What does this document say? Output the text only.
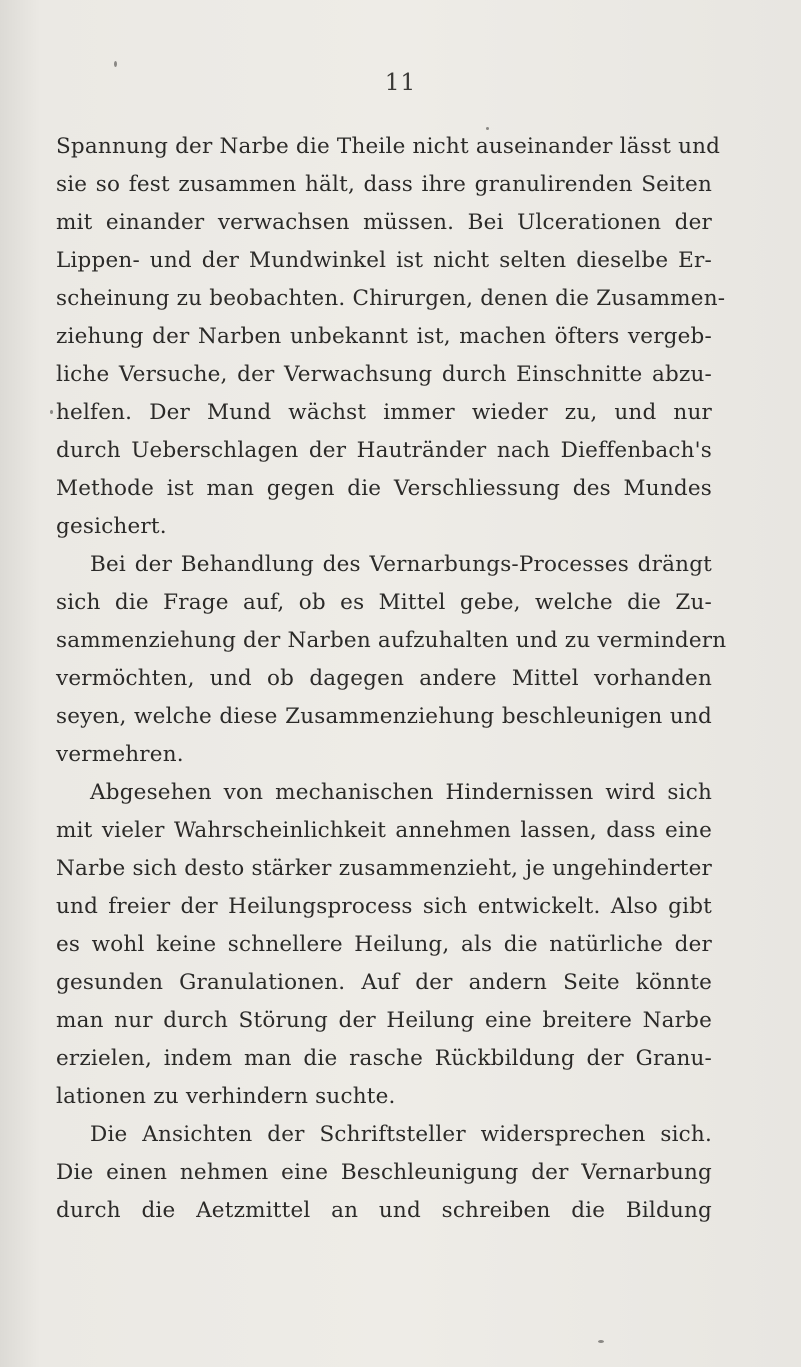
11
Spannung der Narbe die Theile nicht auseinander lässt und
sie so fest zusammen hält, dass ihre granulirenden Seiten
mit einander verwachsen müssen. Bei Ulcerationen der
Lippen- und der Mundwinkel ist nicht selten dieselbe Er-
scheinung zu beobachten. Chirurgen, denen die Zusammen-
ziehung der Narben unbekannt ist, machen öfters vergeb-
liche Versuche, der Verwachsung durch Einschnitte abzu-
helfen. Der Mund wächst immer wieder zu, und nur
durch Ueberschlagen der Hautränder nach Dieffenbach's
Methode ist man gegen die Verschliessung des Mundes
gesichert.
Bei der Behandlung des Vernarbungs-Processes drängt
sich die Frage auf, ob es Mittel gebe, welche die Zu-
sammenziehung der Narben aufzuhalten und zu vermindern
vermöchten, und ob dagegen andere Mittel vorhanden
seyen, welche diese Zusammenziehung beschleunigen und
vermehren.
Abgesehen von mechanischen Hindernissen wird sich
mit vieler Wahrscheinlichkeit annehmen lassen, dass eine
Narbe sich desto stärker zusammenzieht, je ungehinderter
und freier der Heilungsprocess sich entwickelt. Also gibt
es wohl keine schnellere Heilung, als die natürliche der
gesunden Granulationen. Auf der andern Seite könnte
man nur durch Störung der Heilung eine breitere Narbe
erzielen, indem man die rasche Rückbildung der Granu-
lationen zu verhindern suchte.
Die Ansichten der Schriftsteller widersprechen sich.
Die einen nehmen eine Beschleunigung der Vernarbung
durch die Aetzmittel an und schreiben die Bildung
